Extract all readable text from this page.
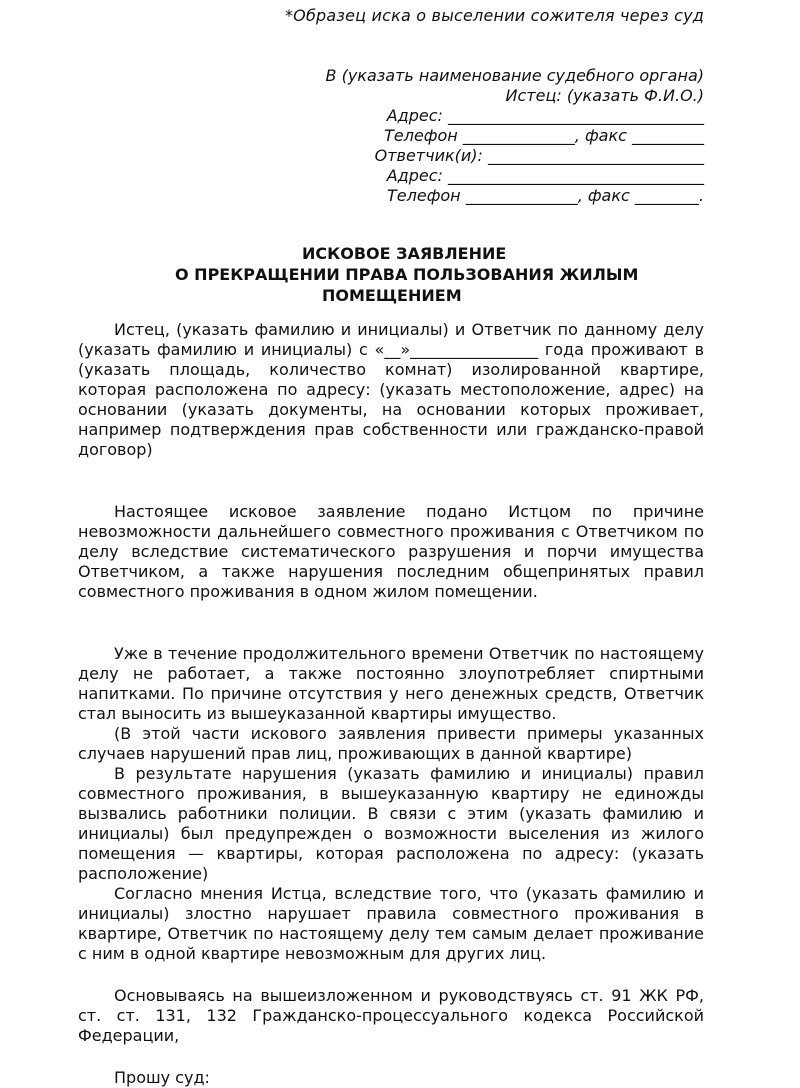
*Образец иска о выселении сожителя через суд
В (указать наименование судебного органа)
Истец: (указать Ф.И.О.)
Адрес: ________________________________
Телефон ______________, факс _________
Ответчик(и): ___________________________
Адрес: ________________________________
Телефон ______________, факс ________.
ИСКОВОЕ ЗАЯВЛЕНИЕ
О ПРЕКРАЩЕНИИ ПРАВА ПОЛЬЗОВАНИЯ ЖИЛЫМ
ПОМЕЩЕНИЕМ

Истец, (указать фамилию и инициалы) и Ответчик по данному делу (указать фамилию и инициалы) с «__»________________ года проживают в (указать площадь, количество комнат) изолированной квартире, которая расположена по адресу: (указать местоположение, адрес) на основании (указать документы, на основании которых проживает, например подтверждения прав собственности или гражданско-правой договор)

Настоящее исковое заявление подано Истцом по причине невозможности дальнейшего совместного проживания с Ответчиком по делу вследствие систематического разрушения и порчи имущества Ответчиком, а также нарушения последним общепринятых правил совместного проживания в одном жилом помещении.

Уже в течение продолжительного времени Ответчик по настоящему делу не работает, а также постоянно злоупотребляет спиртными напитками. По причине отсутствия у него денежных средств, Ответчик стал выносить из вышеуказанной квартиры имущество.

(В этой части искового заявления привести примеры указанных случаев нарушений прав лиц, проживающих в данной квартире)

В результате нарушения (указать фамилию и инициалы) правил совместного проживания, в вышеуказанную квартиру не единожды вызвались работники полиции. В связи с этим (указать фамилию и инициалы) был предупрежден о возможности выселения из жилого помещения — квартиры, которая расположена по адресу: (указать расположение)

Согласно мнения Истца, вследствие того, что (указать фамилию и инициалы) злостно нарушает правила совместного проживания в квартире, Ответчик по настоящему делу тем самым делает проживание с ним в одной квартире невозможным для других лиц.

Основываясь на вышеизложенном и руководствуясь ст. 91 ЖК РФ, ст. ст. 131, 132 Гражданско-процессуального кодекса Российской Федерации,

Прошу суд:
